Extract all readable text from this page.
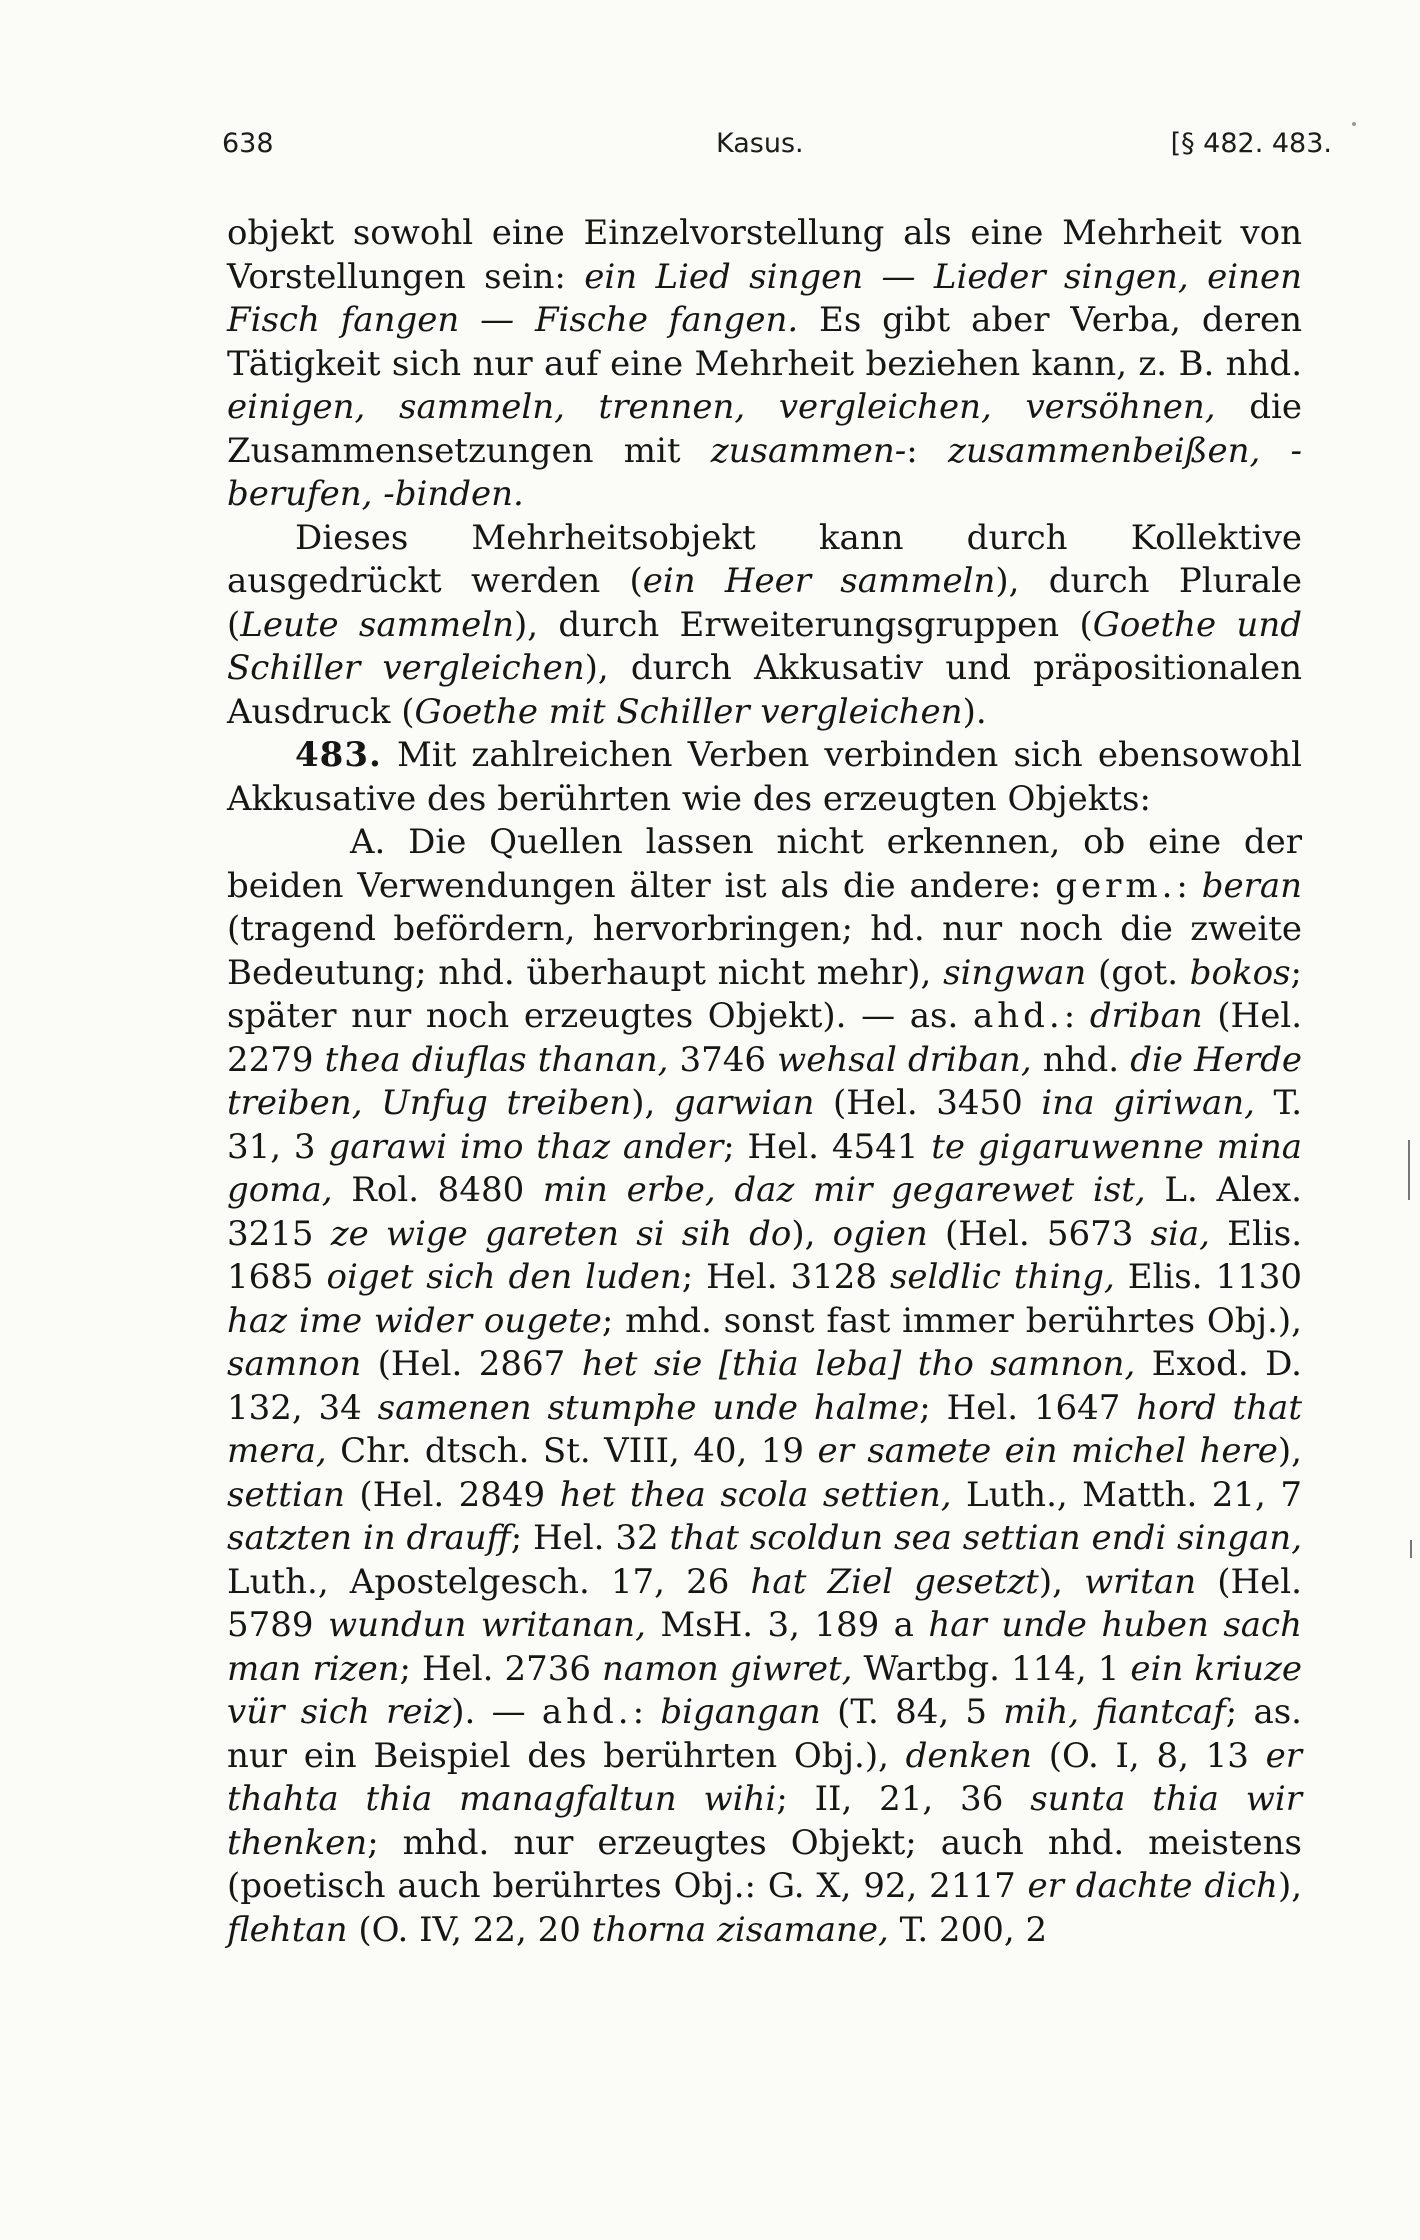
638	Kasus.	[§ 482. 483.

objekt sowohl eine Einzelvorstellung als eine Mehrheit von Vorstellungen sein: ein Lied singen — Lieder singen, einen Fisch fangen — Fische fangen. Es gibt aber Verba, deren Tätigkeit sich nur auf eine Mehrheit beziehen kann, z. B. nhd. einigen, sammeln, trennen, vergleichen, versöhnen, die Zusammensetzungen mit zusammen-: zusammenbeißen, -berufen, -binden.

Dieses Mehrheitsobjekt kann durch Kollektive ausgedrückt werden (ein Heer sammeln), durch Plurale (Leute sammeln), durch Erweiterungsgruppen (Goethe und Schiller vergleichen), durch Akkusativ und präpositionalen Ausdruck (Goethe mit Schiller vergleichen).

483. Mit zahlreichen Verben verbinden sich ebensowohl Akkusative des berührten wie des erzeugten Objekts:

A. Die Quellen lassen nicht erkennen, ob eine der beiden Verwendungen älter ist als die andere: germ.: beran (tragend befördern, hervorbringen; hd. nur noch die zweite Bedeutung; nhd. überhaupt nicht mehr), singwan (got. bokos; später nur noch erzeugtes Objekt). — as. ahd.: driban (Hel. 2279 thea diuflas thanan, 3746 wehsal driban, nhd. die Herde treiben, Unfug treiben), garwian (Hel. 3450 ina giriwan, T. 31, 3 garawi imo thaz ander; Hel. 4541 te gigaruwenne mina goma, Rol. 8480 min erbe, daz mir gegarewet ist, L. Alex. 3215 ze wige gareten si sih do), ogien (Hel. 5673 sia, Elis. 1685 oiget sich den luden; Hel. 3128 seldlic thing, Elis. 1130 haz ime wider ougete; mhd. sonst fast immer berührtes Obj.), samnon (Hel. 2867 het sie [thia leba] tho samnon, Exod. D. 132, 34 samenen stumphe unde halme; Hel. 1647 hord that mera, Chr. dtsch. St. VIII, 40, 19 er samete ein michel here), settian (Hel. 2849 het thea scola settien, Luth., Matth. 21, 7 satzten in drauff; Hel. 32 that scoldun sea settian endi singan, Luth., Apostelgesch. 17, 26 hat Ziel gesetzt), writan (Hel. 5789 wundun writanan, MsH. 3, 189 a har unde huben sach man rizen; Hel. 2736 namon giwret, Wartbg. 114, 1 ein kriuze vür sich reiz). — ahd.: bigangan (T. 84, 5 mih, fiantcaf; as. nur ein Beispiel des berührten Obj.), denken (O. I, 8, 13 er thahta thia managfaltun wihi; II, 21, 36 sunta thia wir thenken; mhd. nur erzeugtes Objekt; auch nhd. meistens (poetisch auch berührtes Obj.: G. X, 92, 2117 er dachte dich), flehtan (O. IV, 22, 20 thorna zisamane, T. 200, 2
